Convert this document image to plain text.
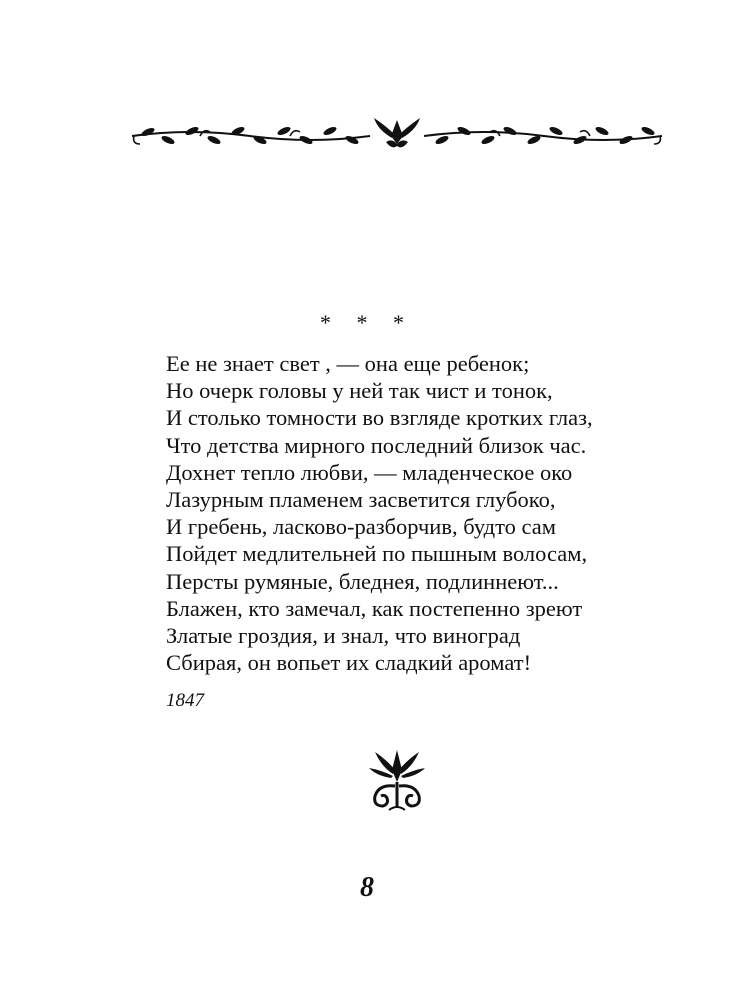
* * *
Ее не знает свет , — она еще ребенок;
Но очерк головы у ней так чист и тонок,
И столько томности во взгляде кротких глаз,
Что детства мирного последний близок час.
Дохнет тепло любви, — младенческое око
Лазурным пламенем засветится глубоко,
И гребень, ласково-разборчив, будто сам
Пойдет медлительней по пышным волосам,
Персты румяные, бледнея, подлиннеют...
Блажен, кто замечал, как постепенно зреют
Златые гроздия, и знал, что виноград
Сбирая, он вопьет их сладкий аромат!
1847
8
